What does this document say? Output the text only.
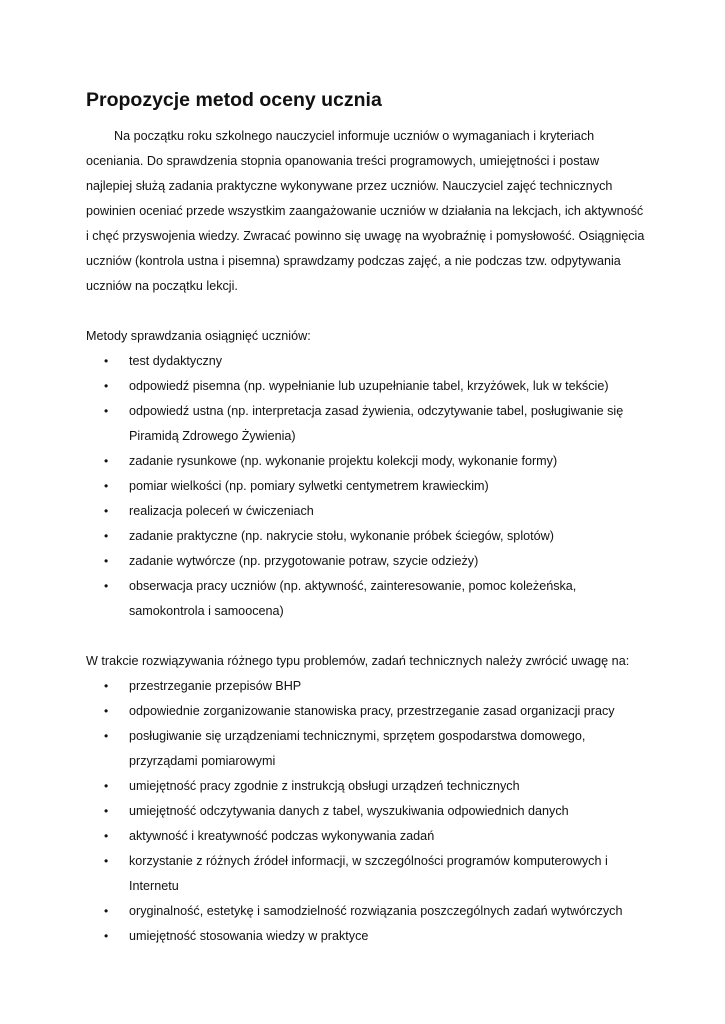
Propozycje metod oceny ucznia

Na początku roku szkolnego nauczyciel informuje uczniów o wymaganiach i kryteriach oceniania. Do sprawdzenia stopnia opanowania treści programowych, umiejętności i postaw najlepiej służą zadania praktyczne wykonywane przez uczniów. Nauczyciel zajęć technicznych powinien oceniać przede wszystkim zaangażowanie uczniów w działania na lekcjach, ich aktywność i chęć przyswojenia wiedzy. Zwracać powinno się uwagę na wyobraźnię i pomysłowość. Osiągnięcia uczniów (kontrola ustna i pisemna) sprawdzamy podczas zajęć, a nie podczas tzw. odpytywania uczniów na początku lekcji.

Metody sprawdzania osiągnięć uczniów:

• test dydaktyczny
• odpowiedź pisemna (np. wypełnianie lub uzupełnianie tabel, krzyżówek, luk w tekście)
• odpowiedź ustna (np. interpretacja zasad żywienia, odczytywanie tabel, posługiwanie się Piramidą Zdrowego Żywienia)
• zadanie rysunkowe (np. wykonanie projektu kolekcji mody, wykonanie formy)
• pomiar wielkości (np. pomiary sylwetki centymetrem krawieckim)
• realizacja poleceń w ćwiczeniach
• zadanie praktyczne (np. nakrycie stołu, wykonanie próbek ściegów, splotów)
• zadanie wytwórcze (np. przygotowanie potraw, szycie odzieży)
• obserwacja pracy uczniów (np. aktywność, zainteresowanie, pomoc koleżeńska, samokontrola i samoocena)

W trakcie rozwiązywania różnego typu problemów, zadań technicznych należy zwrócić uwagę na:

• przestrzeganie przepisów BHP
• odpowiednie zorganizowanie stanowiska pracy, przestrzeganie zasad organizacji pracy
• posługiwanie się urządzeniami technicznymi, sprzętem gospodarstwa domowego, przyrządami pomiarowymi
• umiejętność pracy zgodnie z instrukcją obsługi urządzeń technicznych
• umiejętność odczytywania danych z tabel, wyszukiwania odpowiednich danych
• aktywność i kreatywność podczas wykonywania zadań
• korzystanie z różnych źródeł informacji, w szczególności programów komputerowych i Internetu
• oryginalność, estetykę i samodzielność rozwiązania poszczególnych zadań wytwórczych
• umiejętność stosowania wiedzy w praktyce
